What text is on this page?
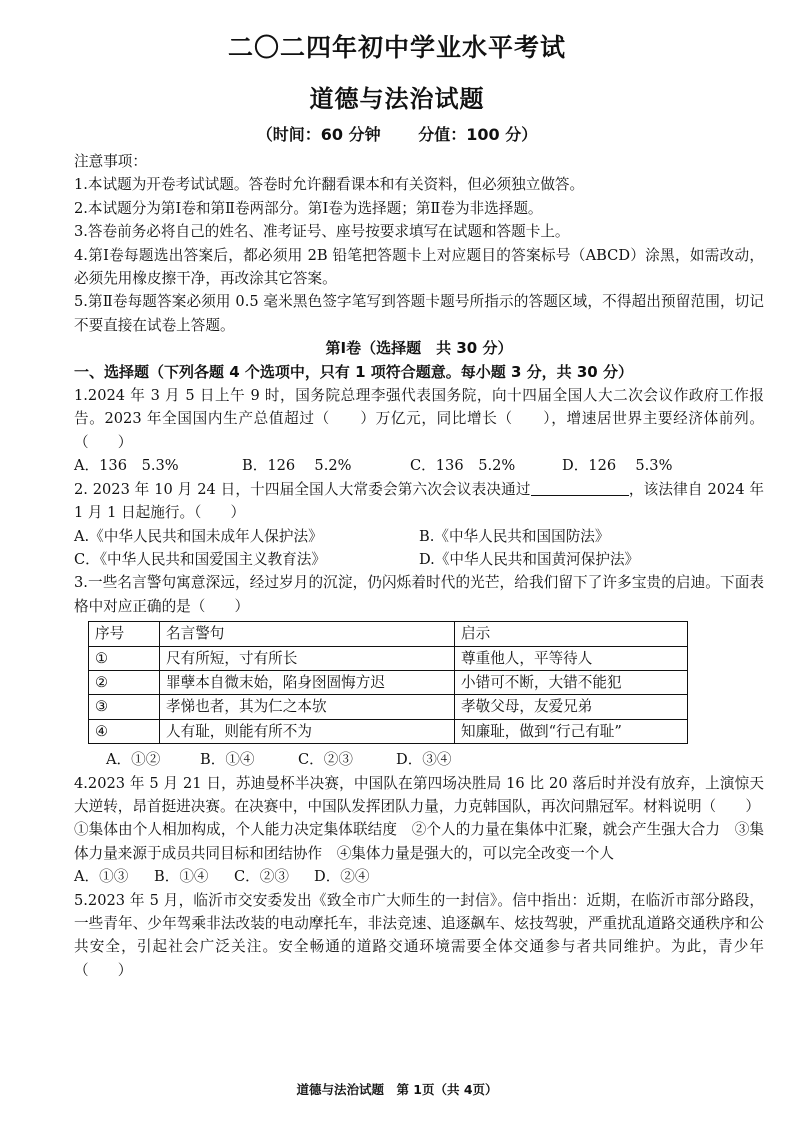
二〇二四年初中学业水平考试
道德与法治试题
（时间：60 分钟 分值：100 分）

注意事项：

1.本试题为开卷考试试题。答卷时允许翻看课本和有关资料，但必须独立做答。

2.本试题分为第Ⅰ卷和第Ⅱ卷两部分。第Ⅰ卷为选择题；第Ⅱ卷为非选择题。

3.答卷前务必将自己的姓名、准考证号、座号按要求填写在试题和答题卡上。

4.第Ⅰ卷每题选出答案后，都必须用 2B 铅笔把答题卡上对应题目的答案标号（ABCD）涂黑，如需改动，必须先用橡皮擦干净，再改涂其它答案。

5.第Ⅱ卷每题答案必须用 0.5 毫米黑色签字笔写到答题卡题号所指示的答题区域，不得超出预留范围，切记不要直接在试卷上答题。

第Ⅰ卷（选择题　共 30 分）

一、选择题（下列各题 4 个选项中，只有 1 项符合题意。每小题 3 分，共 30 分）

1.2024 年 3 月 5 日上午 9 时，国务院总理李强代表国务院，向十四届全国人大二次会议作政府工作报告。2023 年全国国内生产总值超过（　　）万亿元，同比增长（　　），增速居世界主要经济体前列。（　　）

A．136　5.3%	B．126　 5.2%	C．136　5.2%	D．126　 5.3%

2. 2023 年 10 月 24 日，十四届全国人大常委会第六次会议表决通过	，该法律自 2024 年 1 月 1 日起施行。（　　）

A.《中华人民共和国未成年人保护法》	B.《中华人民共和国国防法》
C．《中华人民共和国爱国主义教育法》	D.《中华人民共和国黄河保护法》

3.一些名言警句寓意深远，经过岁月的沉淀，仍闪烁着时代的光芒，给我们留下了许多宝贵的启迪。下面表格中对应正确的是（　　）

序号	名言警句	启示
①	尺有所短，寸有所长	尊重他人，平等待人
②	罪孽本自微末始，陷身囹圄悔方迟	小错可不断，大错不能犯
③	孝悌也者，其为仁之本欤	孝敬父母，友爱兄弟
④	人有耻，则能有所不为	知廉耻，做到“行己有耻”
A．①②	B．①④	C．②③	D．③④

4.2023 年 5 月 21 日，苏迪曼杯半决赛，中国队在第四场决胜局 16 比 20 落后时并没有放弃，上演惊天大逆转，昂首挺进决赛。在决赛中，中国队发挥团队力量，力克韩国队，再次问鼎冠军。材料说明（　　）

①集体由个人相加构成，个人能力决定集体联结度　②个人的力量在集体中汇聚，就会产生强大合力　③集体力量来源于成员共同目标和团结协作　④集体力量是强大的，可以完全改变一个人

A．①③	B．①④	C．②③	D．②④

5.2023 年 5 月，临沂市交安委发出《致全市广大师生的一封信》。信中指出：近期，在临沂市部分路段，一些青年、少年驾乘非法改装的电动摩托车，非法竞速、追逐飙车、炫技驾驶，严重扰乱道路交通秩序和公共安全，引起社会广泛关注。安全畅通的道路交通环境需要全体交通参与者共同维护。为此，青少年（　　）

道德与法治试题　第 1页（共 4页）
